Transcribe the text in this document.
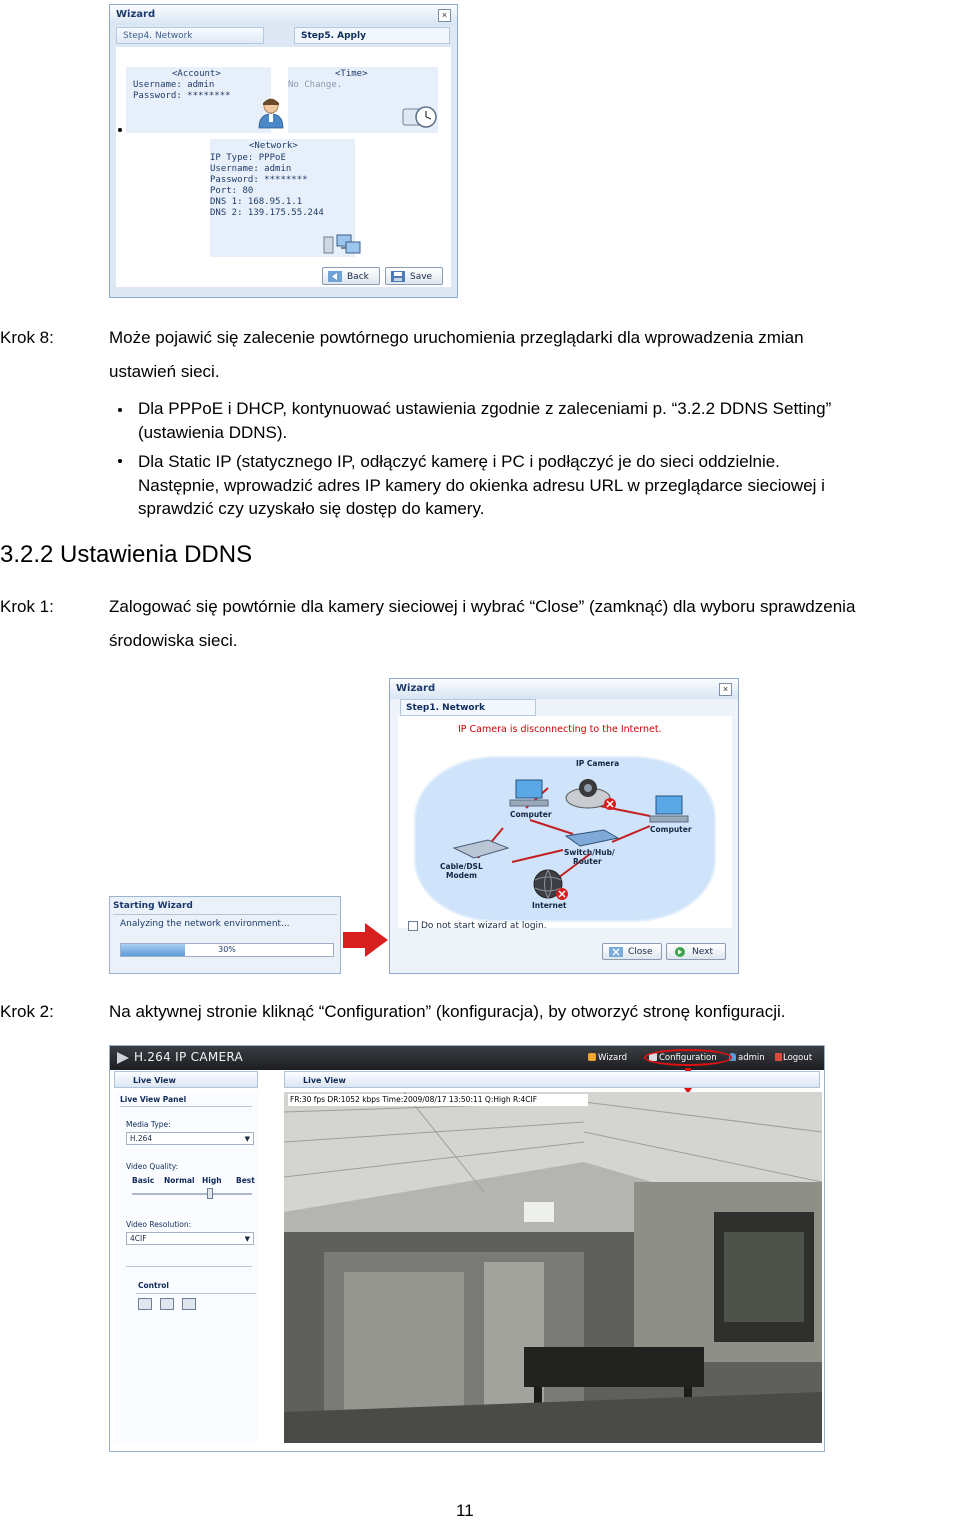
Wizard	×
Step4. Network	Step5. Apply
<Account>
Username: admin
Password: ********
<Time>
No Change.
<Network>
IP Type: PPPoE
Username: admin
Password: ********
Port: 80
DNS 1: 168.95.1.1
DNS 2: 139.175.55.244
Back	Save
Krok 8:	Może pojawić się zalecenie powtórnego uruchomienia przeglądarki dla wprowadzenia zmian
ustawień sieci.
Dla PPPoE i DHCP, kontynuować ustawienia zgodnie z zaleceniami p. “3.2.2 DDNS Setting”
(ustawienia DDNS).
Dla Static IP (statycznego IP, odłączyć kamerę i PC i podłączyć je do sieci oddzielnie.
Następnie, wprowadzić adres IP kamery do okienka adresu URL w przeglądarce sieciowej i
sprawdzić czy uzyskało się dostęp do kamery.
3.2.2 Ustawienia DDNS
Krok 1:	Zalogować się powtórnie dla kamery sieciowej i wybrać “Close” (zamknąć) dla wyboru sprawdzenia
środowiska sieci.
Starting Wizard
Analyzing the network environment...
30%
Wizard	×
Step1. Network
IP Camera is disconnecting to the Internet.
IP Camera
Computer
Computer
Cable/DSL
Modem
Switch/Hub/
Router
Internet
Do not start wizard at login.
Close	Next
Krok 2:	Na aktywnej stronie kliknąć “Configuration” (konfiguracja), by otworzyć stronę konfiguracji.
H.264 IP CAMERA	Wizard	Configuration	admin Logout
Live View	Live View
Live View Panel
Media Type:
H.264	▼
Video Quality:
Basic Normal High Best
Video Resolution:
4CIF	▼
Control
FR:30 fps DR:1052 kbps Time:2009/08/17 13:50:11 Q:High R:4CIF
11
